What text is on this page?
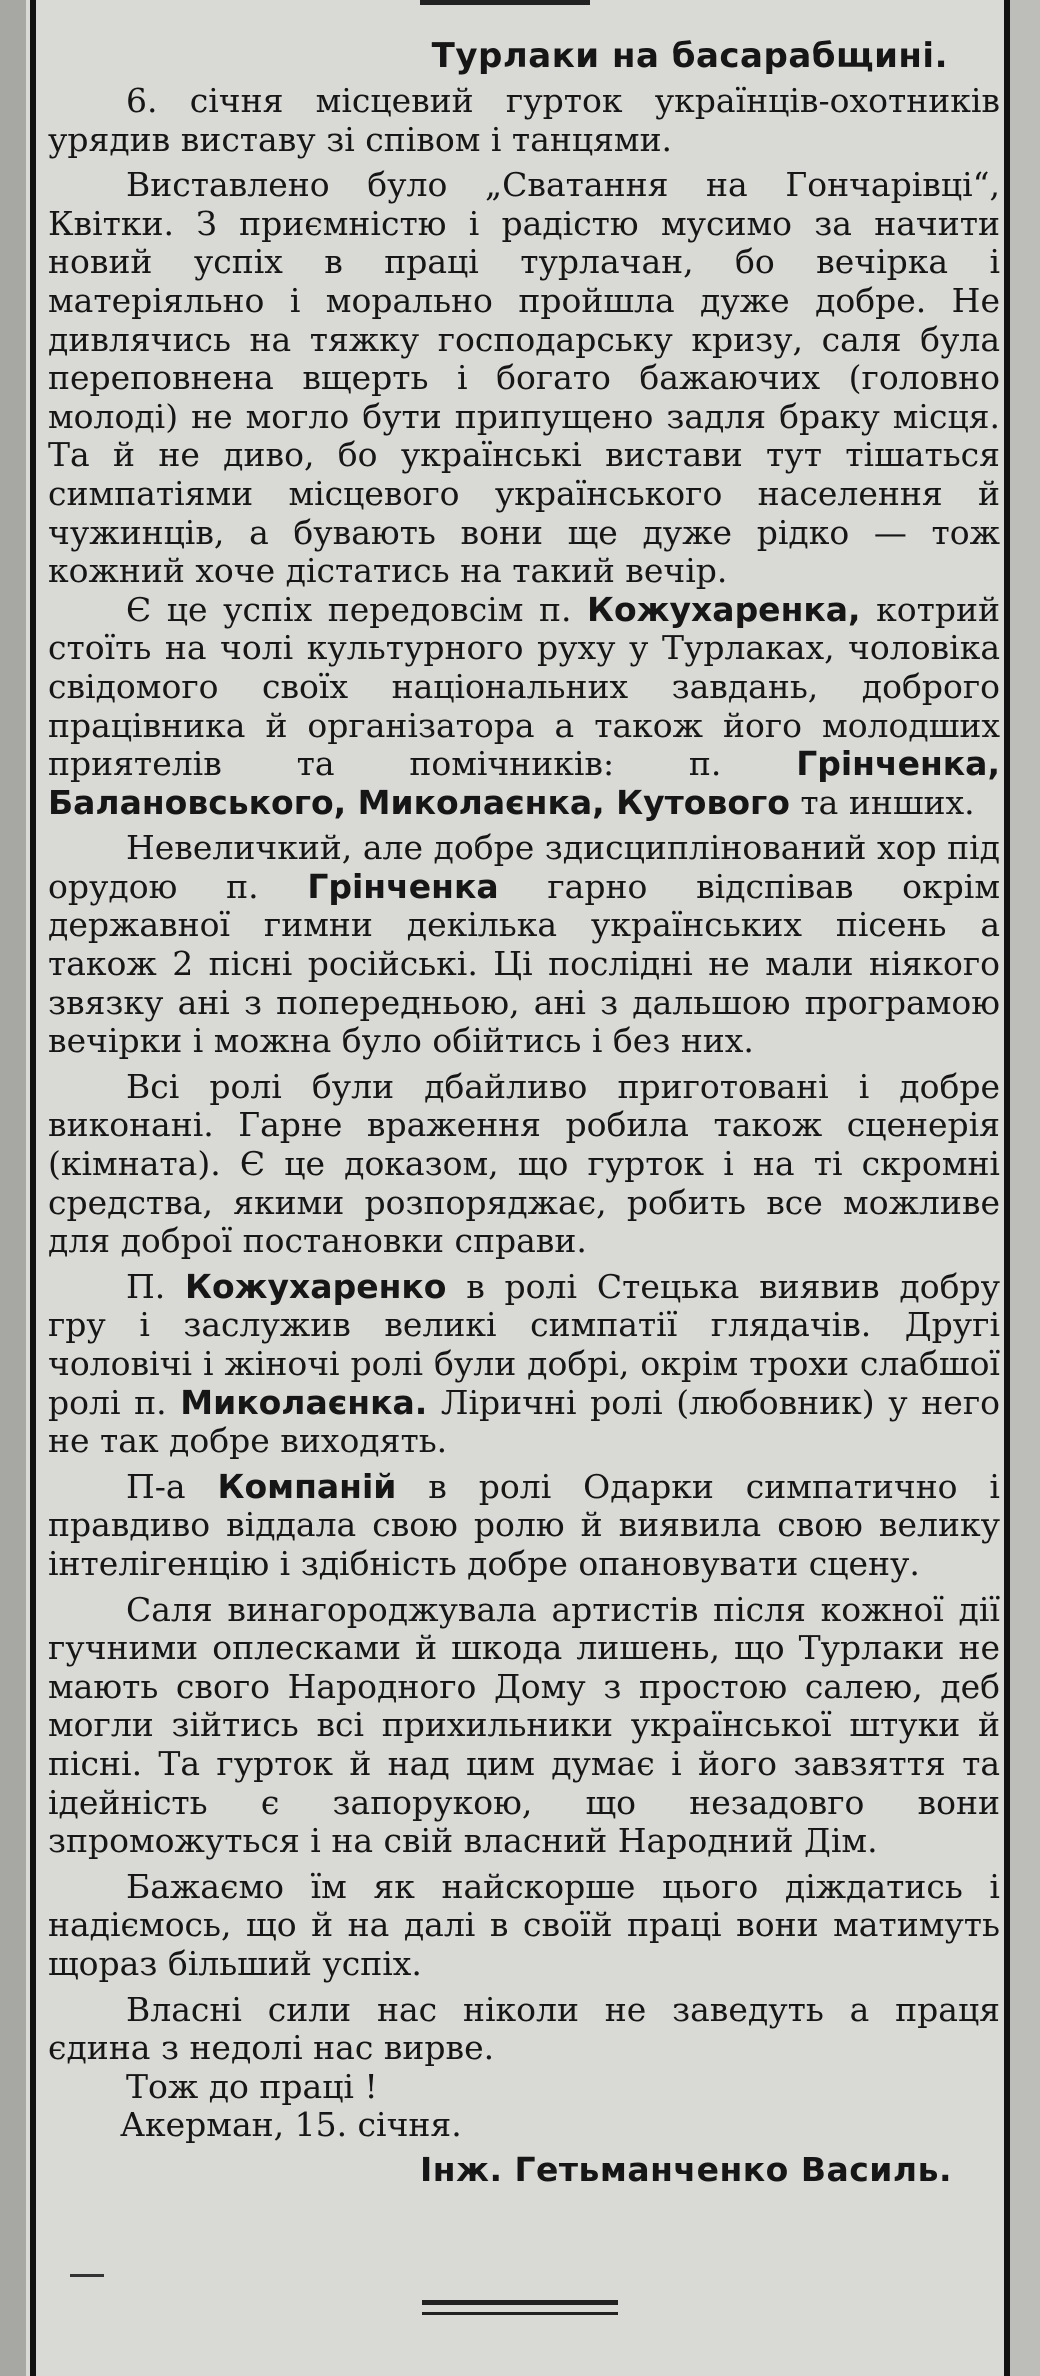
Турлаки на басарабщині.

6. січня місцевий гурток українців-охотників урядив виставу зі співом і танцями.

Виставлено було „Сватання на Гончарівці“, Квітки. З приємністю і радістю мусимо за начити новий успіх в праці турлачан, бо вечірка і матеріяльно і морально пройшла дуже добре. Не дивлячись на тяжку господарську кризу, саля була переповнена вщерть і богато бажаючих (головно молоді) не могло бути припущено задля браку місця. Та й не диво, бо українські вистави тут тішаться симпатіями місцевого українського населення й чужинців, а бувають вони ще дуже рідко — тож кожний хоче дістатись на такий вечір.

Є це успіх передовсім п. Кожухаренка, котрий стоїть на чолі культурного руху у Турлаках, чоловіка свідомого своїх національних завдань, доброго працівника й організатора а також його молодших приятелів та помічників: п. Грінченка, Балановського, Миколаєнка, Кутового та инших.

Невеличкий, але добре здисциплінований хор під орудою п. Грінченка гарно відспівав окрім державної гимни декілька українських пісень а також 2 пісні російські. Ці послідні не мали ніякого звязку ані з попередньою, ані з дальшою програмою вечірки і можна було обійтись і без них.

Всі ролі були дбайливо приготовані і добре виконані. Гарне враження робила також сценерія (кімната). Є це доказом, що гурток і на ті скромні средства, якими розпоряджає, робить все можливе для доброї постановки справи.

П. Кожухаренко в ролі Стецька виявив добру гру і заслужив великі симпатії глядачів. Другі чоловічі і жіночі ролі були добрі, окрім трохи слабшої ролі п. Миколаєнка. Ліричні ролі (любовник) у него не так добре виходять.

П-а Компаній в ролі Одарки симпатично і правдиво віддала свою ролю й виявила свою велику інтелігенцію і здібність добре опановувати сцену.

Саля винагороджувала артистів після кожної дії гучними оплесками й шкода лишень, що Турлаки не мають свого Народного Дому з простою салею, деб могли зійтись всі прихильники української штуки й пісні. Та гурток й над цим думає і його завзяття та ідейність є запорукою, що незадовго вони зпроможуться і на свій власний Народний Дім.

Бажаємо їм як найскорше цього діждатись і надіємось, що й на далі в своїй праці вони матимуть щораз більший успіх.

Власні сили нас ніколи не заведуть а праця єдина з недолі нас вирве.

Тож до праці !

Акерман, 15. січня.

Інж. Гетьманченко Василь.
